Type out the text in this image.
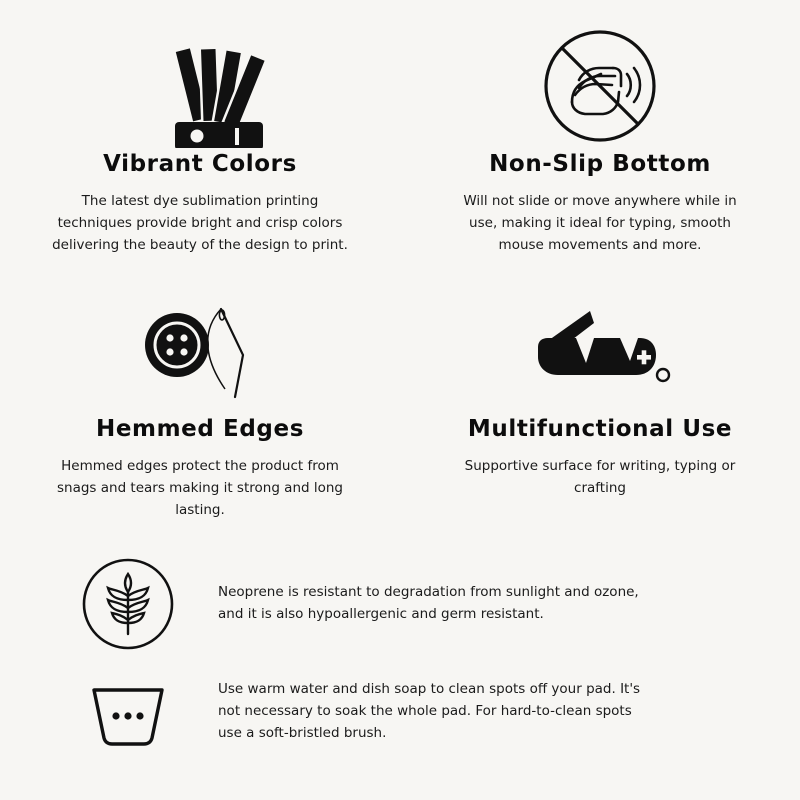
Vibrant Colors
The latest dye sublimation printing techniques provide bright and crisp colors delivering the beauty of the design to print.
Non-Slip Bottom
Will not slide or move anywhere while in use, making it ideal for typing, smooth mouse movements and more.
Hemmed Edges
Hemmed edges protect the product from snags and tears making it strong and long lasting.
Multifunctional Use
Supportive surface for writing, typing or crafting
Neoprene is resistant to degradation from sunlight and ozone, and it is also hypoallergenic and germ resistant.
Use warm water and dish soap to clean spots off your pad. It's not necessary to soak the whole pad. For hard-to-clean spots use a soft-bristled brush.
